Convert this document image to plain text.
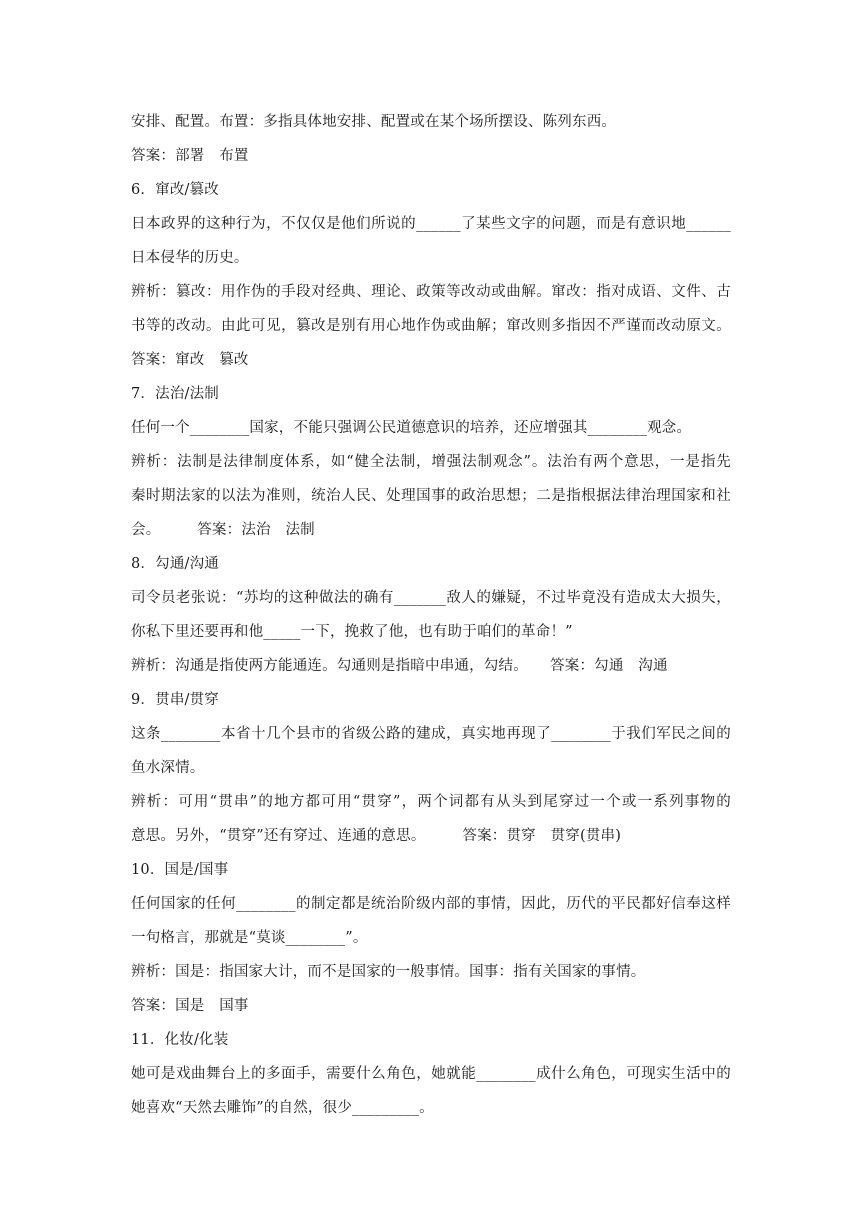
安排、配置。布置：多指具体地安排、配置或在某个场所摆设、陈列东西。
答案：部署　布置
6．窜改/篡改
日本政界的这种行为，不仅仅是他们所说的______了某些文字的问题，而是有意识地______
日本侵华的历史。
辨析：篡改：用作伪的手段对经典、理论、政策等改动或曲解。窜改：指对成语、文件、古
书等的改动。由此可见，篡改是别有用心地作伪或曲解；窜改则多指因不严谨而改动原文。
答案：窜改　篡改
7．法治/法制
任何一个________国家，不能只强调公民道德意识的培养，还应增强其________观念。
辨析：法制是法律制度体系，如“健全法制，增强法制观念”。法治有两个意思，一是指先
秦时期法家的以法为准则，统治人民、处理国事的政治思想；二是指根据法律治理国家和社
会。　　　答案：法治　法制
8．勾通/沟通
司令员老张说：“苏均的这种做法的确有_______敌人的嫌疑，不过毕竟没有造成太大损失，
你私下里还要再和他_____一下，挽救了他，也有助于咱们的革命！”
辨析：沟通是指使两方能通连。勾通则是指暗中串通，勾结。　　答案：勾通　沟通
9．贯串/贯穿
这条________本省十几个县市的省级公路的建成，真实地再现了________于我们军民之间的
鱼水深情。
辨析：可用“贯串”的地方都可用“贯穿”，两个词都有从头到尾穿过一个或一系列事物的
意思。另外，“贯穿”还有穿过、连通的意思。　　　答案：贯穿　贯穿(贯串)
10．国是/国事
任何国家的任何________的制定都是统治阶级内部的事情，因此，历代的平民都好信奉这样
一句格言，那就是“莫谈________”。
辨析：国是：指国家大计，而不是国家的一般事情。国事：指有关国家的事情。
答案：国是　国事
11．化妆/化装
她可是戏曲舞台上的多面手，需要什么角色，她就能________成什么角色，可现实生活中的
她喜欢“天然去雕饰”的自然，很少_________。
